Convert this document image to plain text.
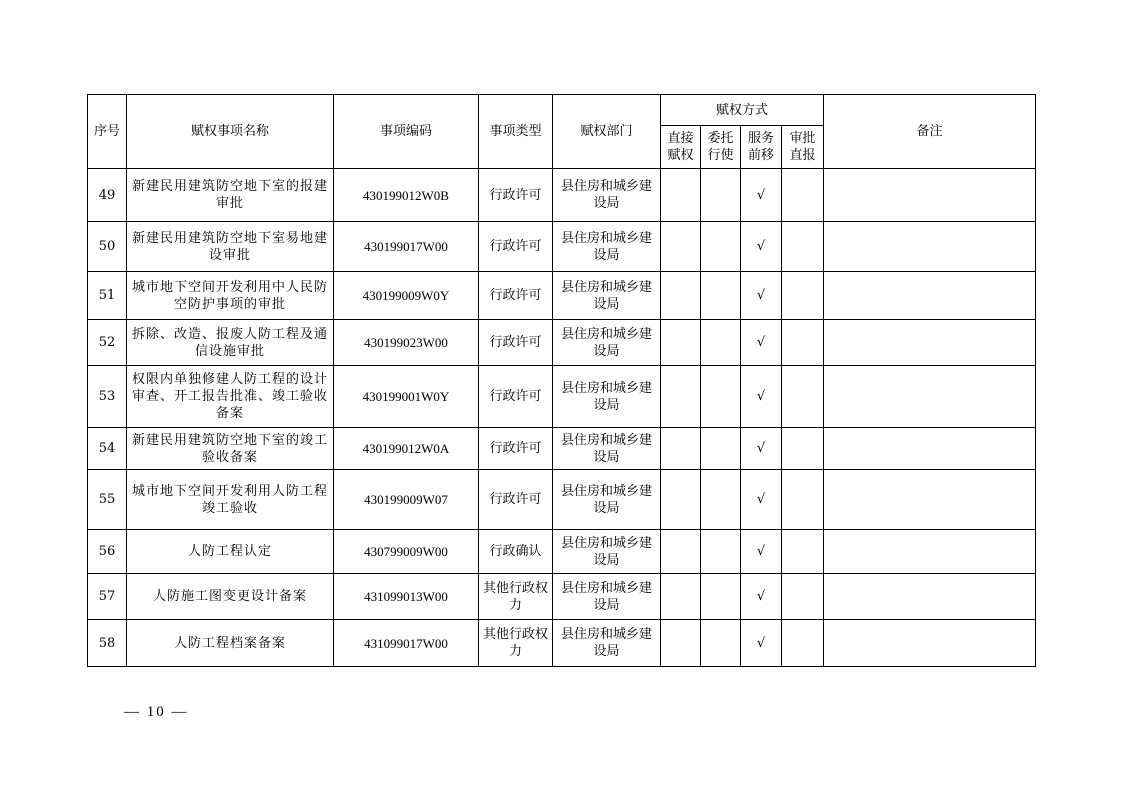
序号	赋权事项名称	事项编码	事项类型	赋权部门	赋权方式				备注
					直接赋权	委托行使	服务前移	审批直报	
49	新建民用建筑防空地下室的报建审批	430199012W0B	行政许可	县住房和城乡建设局			√		
50	新建民用建筑防空地下室易地建设审批	430199017W00	行政许可	县住房和城乡建设局			√		
51	城市地下空间开发利用中人民防空防护事项的审批	430199009W0Y	行政许可	县住房和城乡建设局			√		
52	拆除、改造、报废人防工程及通信设施审批	430199023W00	行政许可	县住房和城乡建设局			√		
53	权限内单独修建人防工程的设计审查、开工报告批准、竣工验收备案	430199001W0Y	行政许可	县住房和城乡建设局			√		
54	新建民用建筑防空地下室的竣工验收备案	430199012W0A	行政许可	县住房和城乡建设局			√		
55	城市地下空间开发利用人防工程竣工验收	430199009W07	行政许可	县住房和城乡建设局			√		
56	人防工程认定	430799009W00	行政确认	县住房和城乡建设局			√		
57	人防施工图变更设计备案	431099013W00	其他行政权力	县住房和城乡建设局			√		
58	人防工程档案备案	431099017W00	其他行政权力	县住房和城乡建设局			√		
— 10 —
